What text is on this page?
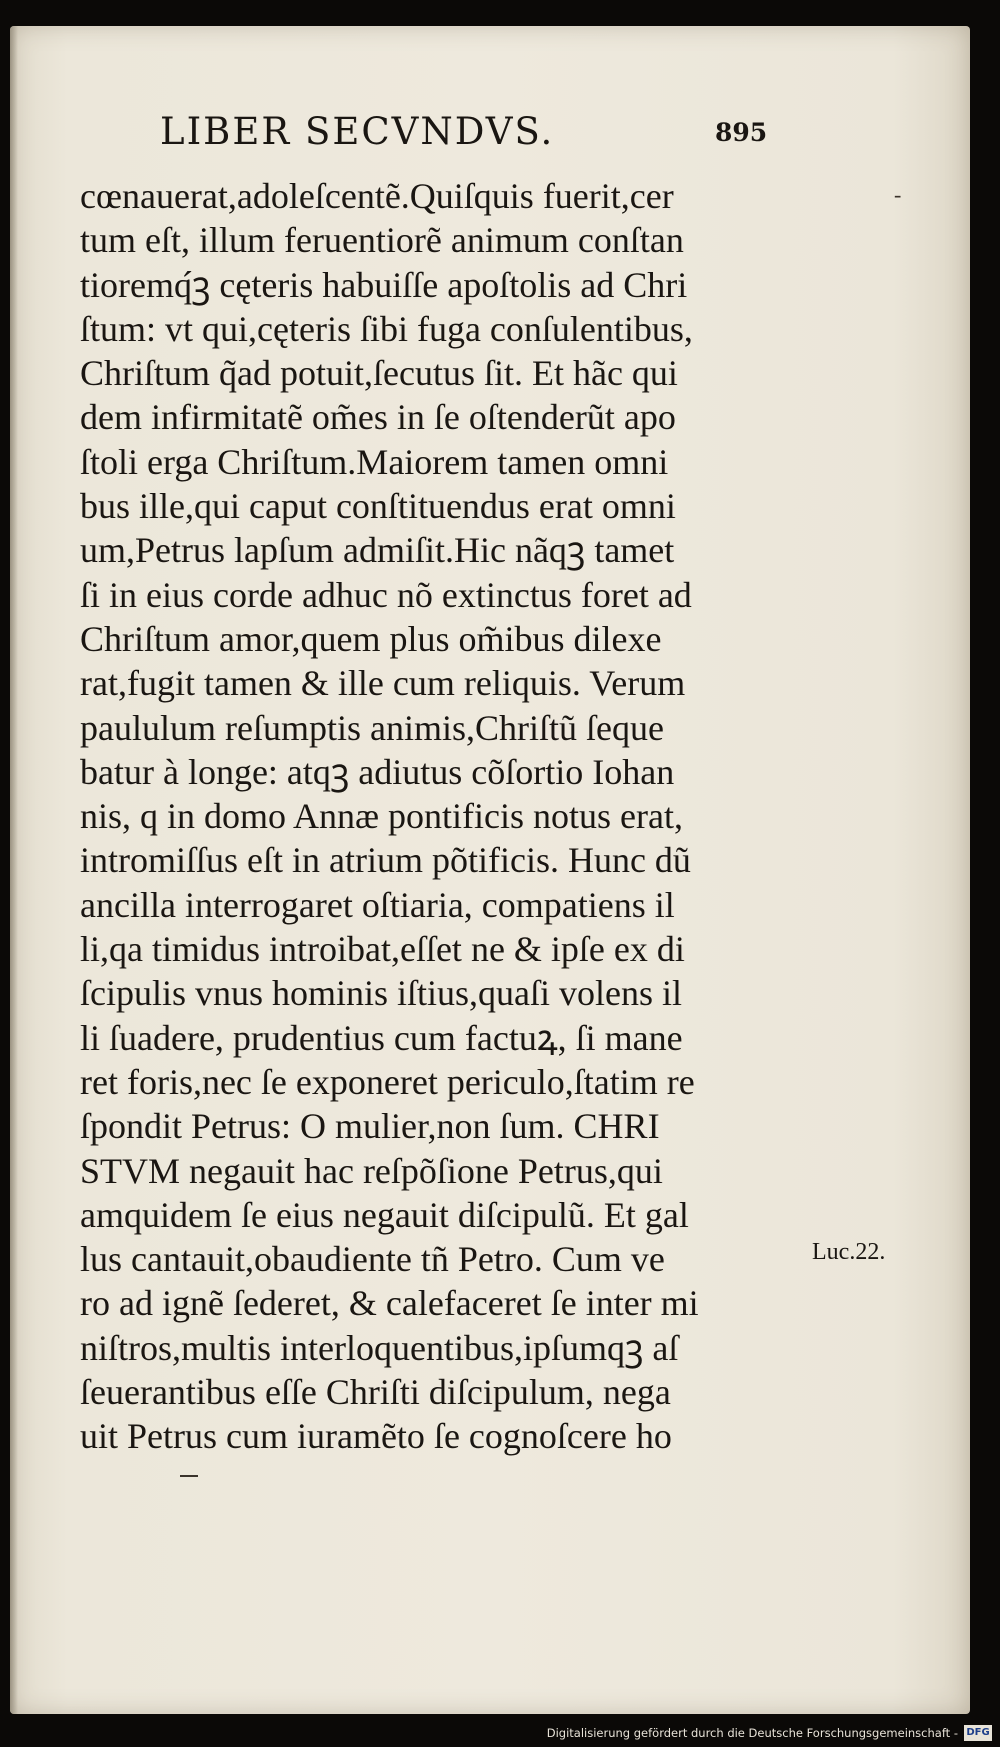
LIBER SECVNDVS.	895
-
cœnauerat,adoleſcentẽ.Quiſquis fuerit,cer
tum eſt, illum feruentiorẽ animum conſtan
tioremq́ꝫ cęteris habuiſſe apoſtolis ad Chri
ſtum: vt qui,cęteris ſibi fuga conſulentibus,
Chriſtum q̃ad potuit,ſecutus ſit. Et hãc qui
dem infirmitatẽ om̃es in ſe oſtenderũt apo
ſtoli erga Chriſtum.Maiorem tamen omni
bus ille,qui caput conſtituendus erat omni
um,Petrus lapſum admiſit.Hic nãqꝫ tamet
ſi in eius corde adhuc nõ extinctus foret ad
Chriſtum amor,quem plus om̃ibus dilexe
rat,fugit tamen & ille cum reliquis. Verum
paululum reſumptis animis,Chriſtũ ſeque
batur à longe: atqꝫ adiutus cõſortio Iohan
nis, q in domo Annæ pontificis notus erat,
intromiſſus eſt in atrium põtificis. Hunc dũ
ancilla interrogaret oſtiaria, compatiens il
li,qa timidus introibat,eſſet ne & ipſe ex di
ſcipulis vnus hominis iſtius,quaſi volens il
li ſuadere, prudentius cum factuꝝ, ſi mane
ret foris,nec ſe exponeret periculo,ſtatim re
ſpondit Petrus: O mulier,non ſum. CHRI
STVM negauit hac reſpõſione Petrus,qui
amquidem ſe eius negauit diſcipulũ. Et gal
lus cantauit,obaudiente tñ Petro. Cum ve
ro ad ignẽ ſederet, & calefaceret ſe inter mi
niſtros,multis interloquentibus,ipſumqꝫ aſ
ſeuerantibus eſſe Chriſti diſcipulum, nega
uit Petrus cum iuramẽto ſe cognoſcere ho
Luc.22.
Digitalisierung gefördert durch die Deutsche Forschungsgemeinschaft - DFG
